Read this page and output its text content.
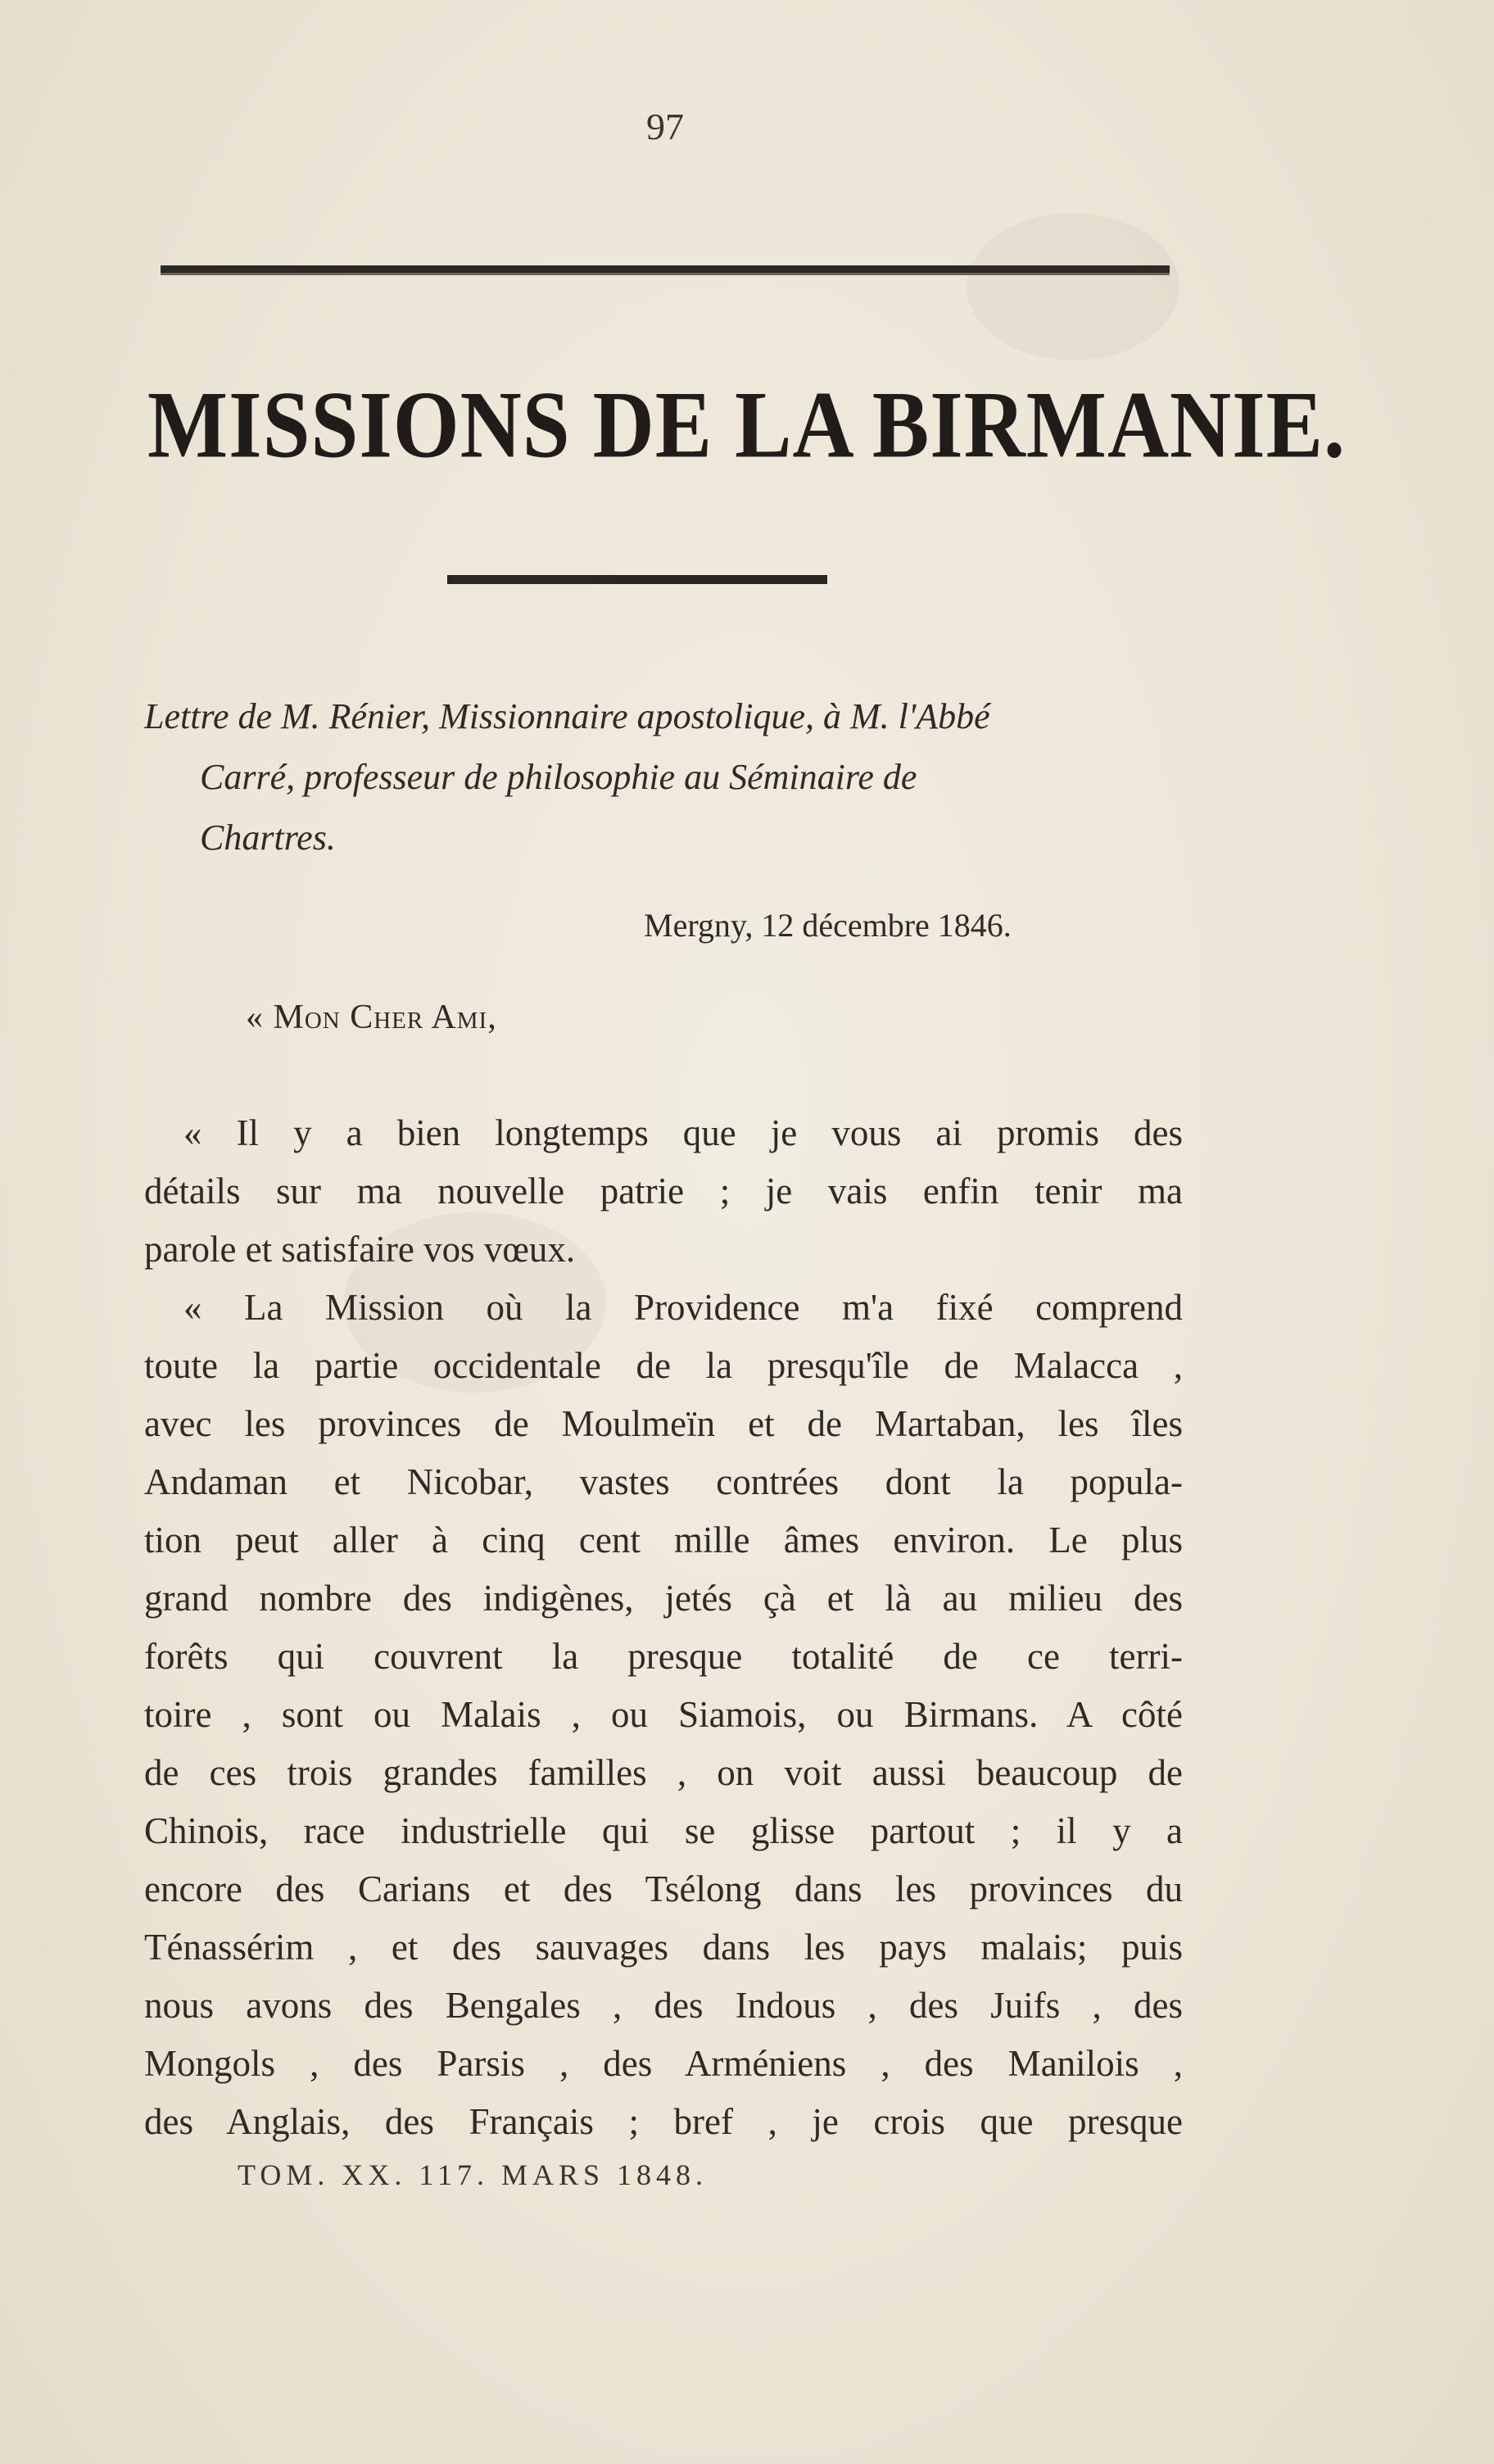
97
MISSIONS DE LA BIRMANIE.
Lettre de M. Rénier, Missionnaire apostolique, à M. l'Abbé
Carré, professeur de philosophie au Séminaire de
Chartres.
Mergny, 12 décembre 1846.
« Mon Cher Ami,
« Il y a bien longtemps que je vous ai promis des
détails sur ma nouvelle patrie ; je vais enfin tenir ma
parole et satisfaire vos vœux.
« La Mission où la Providence m'a fixé comprend
toute la partie occidentale de la presqu'île de Malacca ,
avec les provinces de Moulmeïn et de Martaban, les îles
Andaman et Nicobar, vastes contrées dont la popula-
tion peut aller à cinq cent mille âmes environ. Le plus
grand nombre des indigènes, jetés çà et là au milieu des
forêts qui couvrent la presque totalité de ce terri-
toire , sont ou Malais , ou Siamois, ou Birmans. A côté
de ces trois grandes familles , on voit aussi beaucoup de
Chinois, race industrielle qui se glisse partout ; il y a
encore des Carians et des Tsélong dans les provinces du
Ténassérim , et des sauvages dans les pays malais; puis
nous avons des Bengales , des Indous , des Juifs , des
Mongols , des Parsis , des Arméniens , des Manilois ,
des Anglais, des Français ; bref , je crois que presque
TOM. XX. 117. MARS 1848.
